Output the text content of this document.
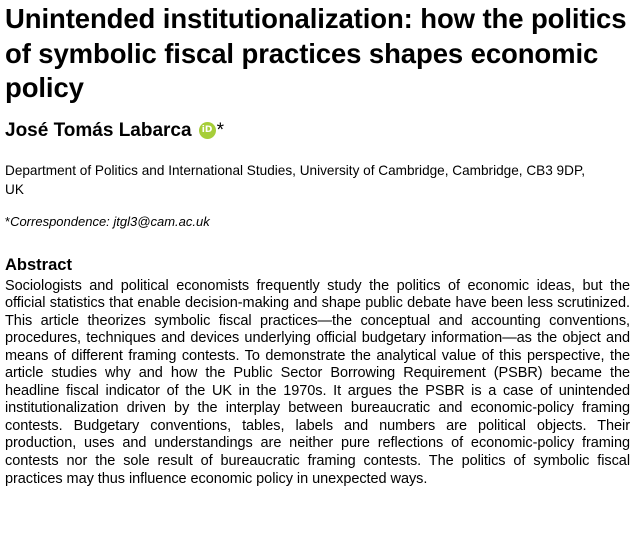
Unintended institutionalization: how the politics of symbolic fiscal practices shapes economic policy
José Tomás Labarca	iD *
Department of Politics and International Studies, University of Cambridge, Cambridge, CB3 9DP, UK
*Correspondence: jtgl3@cam.ac.uk
Abstract
Sociologists and political economists frequently study the politics of economic ideas, but the official statistics that enable decision-making and shape public debate have been less scrutinized. This article theorizes symbolic fiscal practices—the conceptual and accounting conventions, procedures, techniques and devices underlying official budgetary information—as the object and means of different framing contests. To demonstrate the analytical value of this perspective, the article studies why and how the Public Sector Borrowing Requirement (PSBR) became the headline fiscal indicator of the UK in the 1970s. It argues the PSBR is a case of unintended institutionalization driven by the interplay between bureaucratic and economic-policy framing contests. Budgetary conventions, tables, labels and numbers are political objects. Their production, uses and understandings are neither pure reflections of economic-policy framing contests nor the sole result of bureaucratic framing contests. The politics of symbolic fiscal practices may thus influence economic policy in unexpected ways.
